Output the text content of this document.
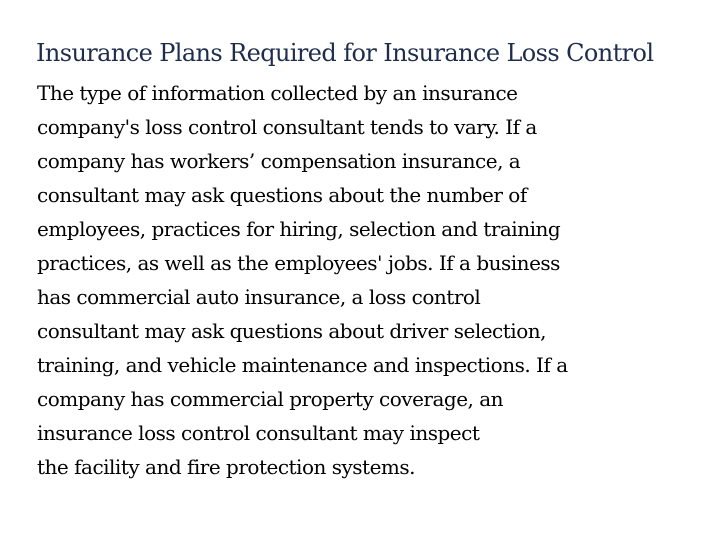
Insurance Plans Required for Insurance Loss Control
The type of information collected by an insurance
company's loss control consultant tends to vary. If a
company has workers’ compensation insurance, a
consultant may ask questions about the number of
employees, practices for hiring, selection and training
practices, as well as the employees' jobs. If a business
has commercial auto insurance, a loss control
consultant may ask questions about driver selection,
training, and vehicle maintenance and inspections. If a
company has commercial property coverage, an
insurance loss control consultant may inspect
the facility and fire protection systems.
